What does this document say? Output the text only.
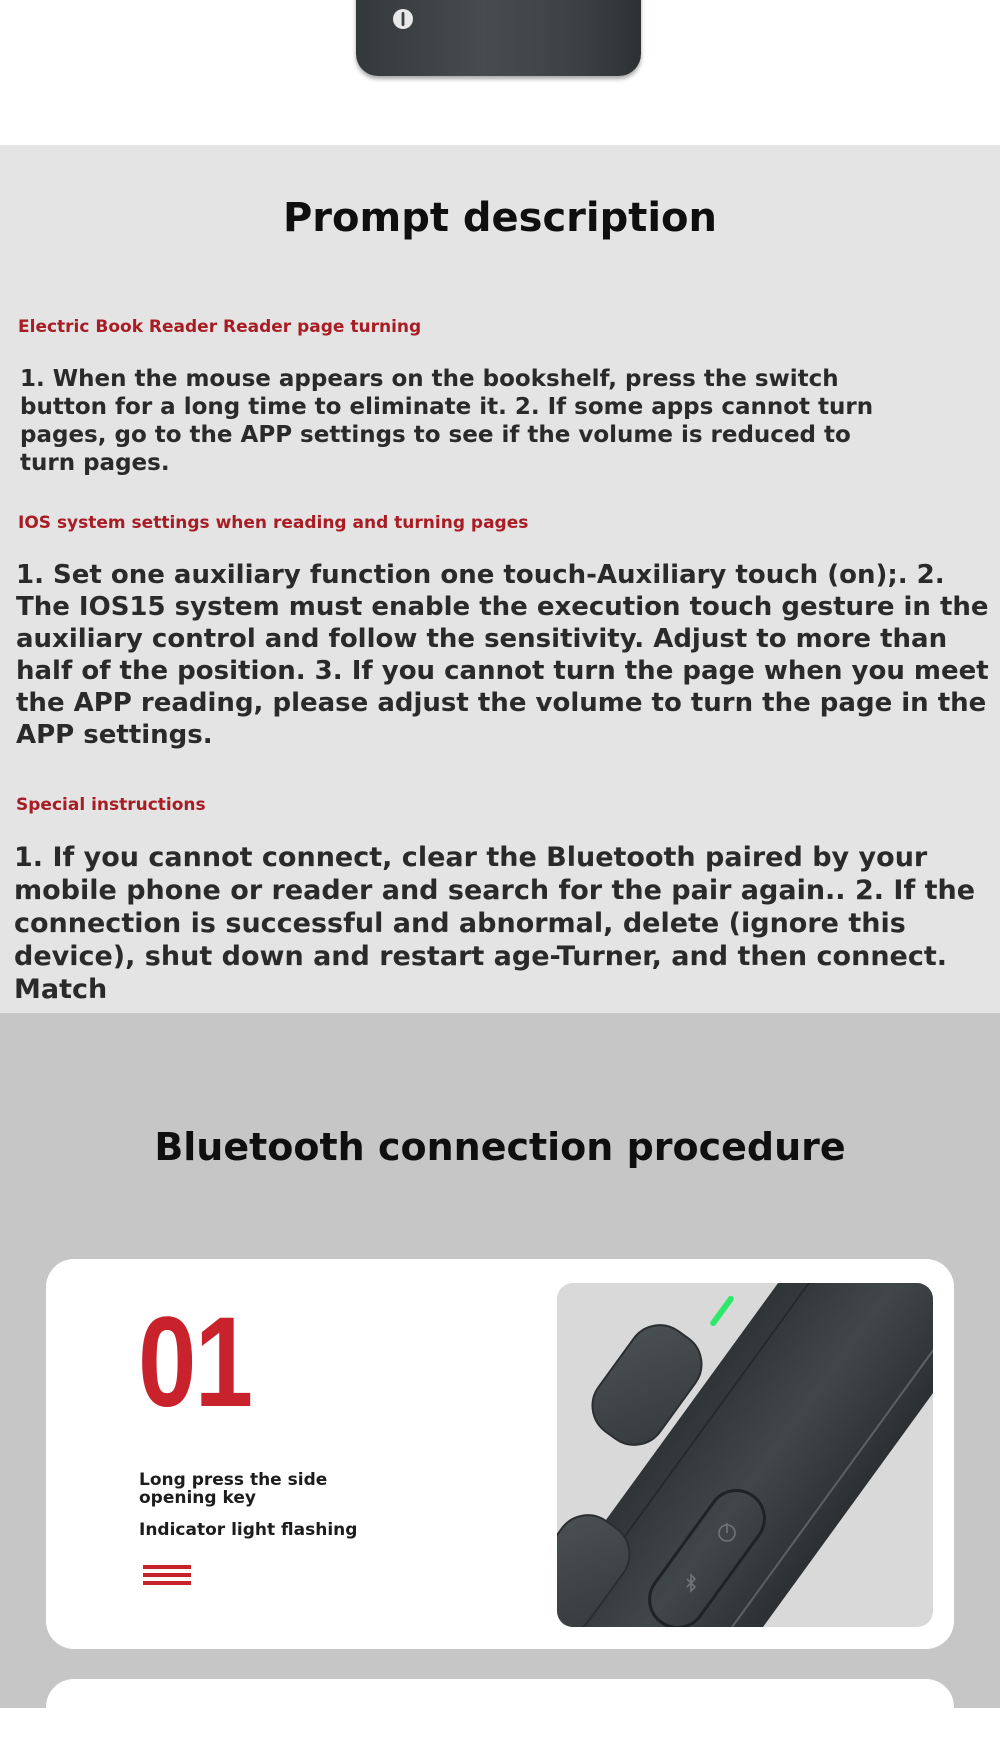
Prompt description

Electric Book Reader Reader page turning

1. When the mouse appears on the bookshelf, press the switch button for a long time to eliminate it. 2. If some apps cannot turn pages, go to the APP settings to see if the volume is reduced to turn pages.

IOS system settings when reading and turning pages

1. Set one auxiliary function one touch-Auxiliary touch (on);. 2. The IOS15 system must enable the execution touch gesture in the auxiliary control and follow the sensitivity. Adjust to more than half of the position. 3. If you cannot turn the page when you meet the APP reading, please adjust the volume to turn the page in the APP settings.

Special instructions

1. If you cannot connect, clear the Bluetooth paired by your mobile phone or reader and search for the pair again.. 2. If the connection is successful and abnormal, delete (ignore this device), shut down and restart age-Turner, and then connect. Match

Bluetooth connection procedure
01

Long press the side opening key

Indicator light flashing
